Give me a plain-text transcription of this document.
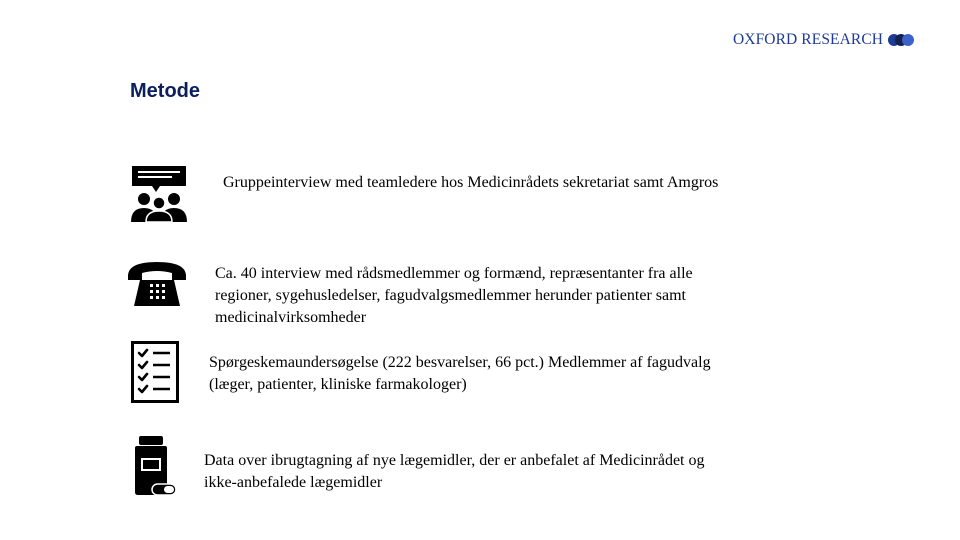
OXFORD RESEARCH
Metode
Gruppeinterview med teamledere hos Medicinrådets sekretariat samt Amgros
Ca. 40 interview med rådsmedlemmer og formænd, repræsentanter fra alle
regioner, sygehusledelser, fagudvalgsmedlemmer herunder patienter samt
medicinalvirksomheder
Spørgeskemaundersøgelse (222 besvarelser, 66 pct.) Medlemmer af fagudvalg
(læger, patienter, kliniske farmakologer)
Data over ibrugtagning af nye lægemidler, der er anbefalet af Medicinrådet og
ikke-anbefalede lægemidler
